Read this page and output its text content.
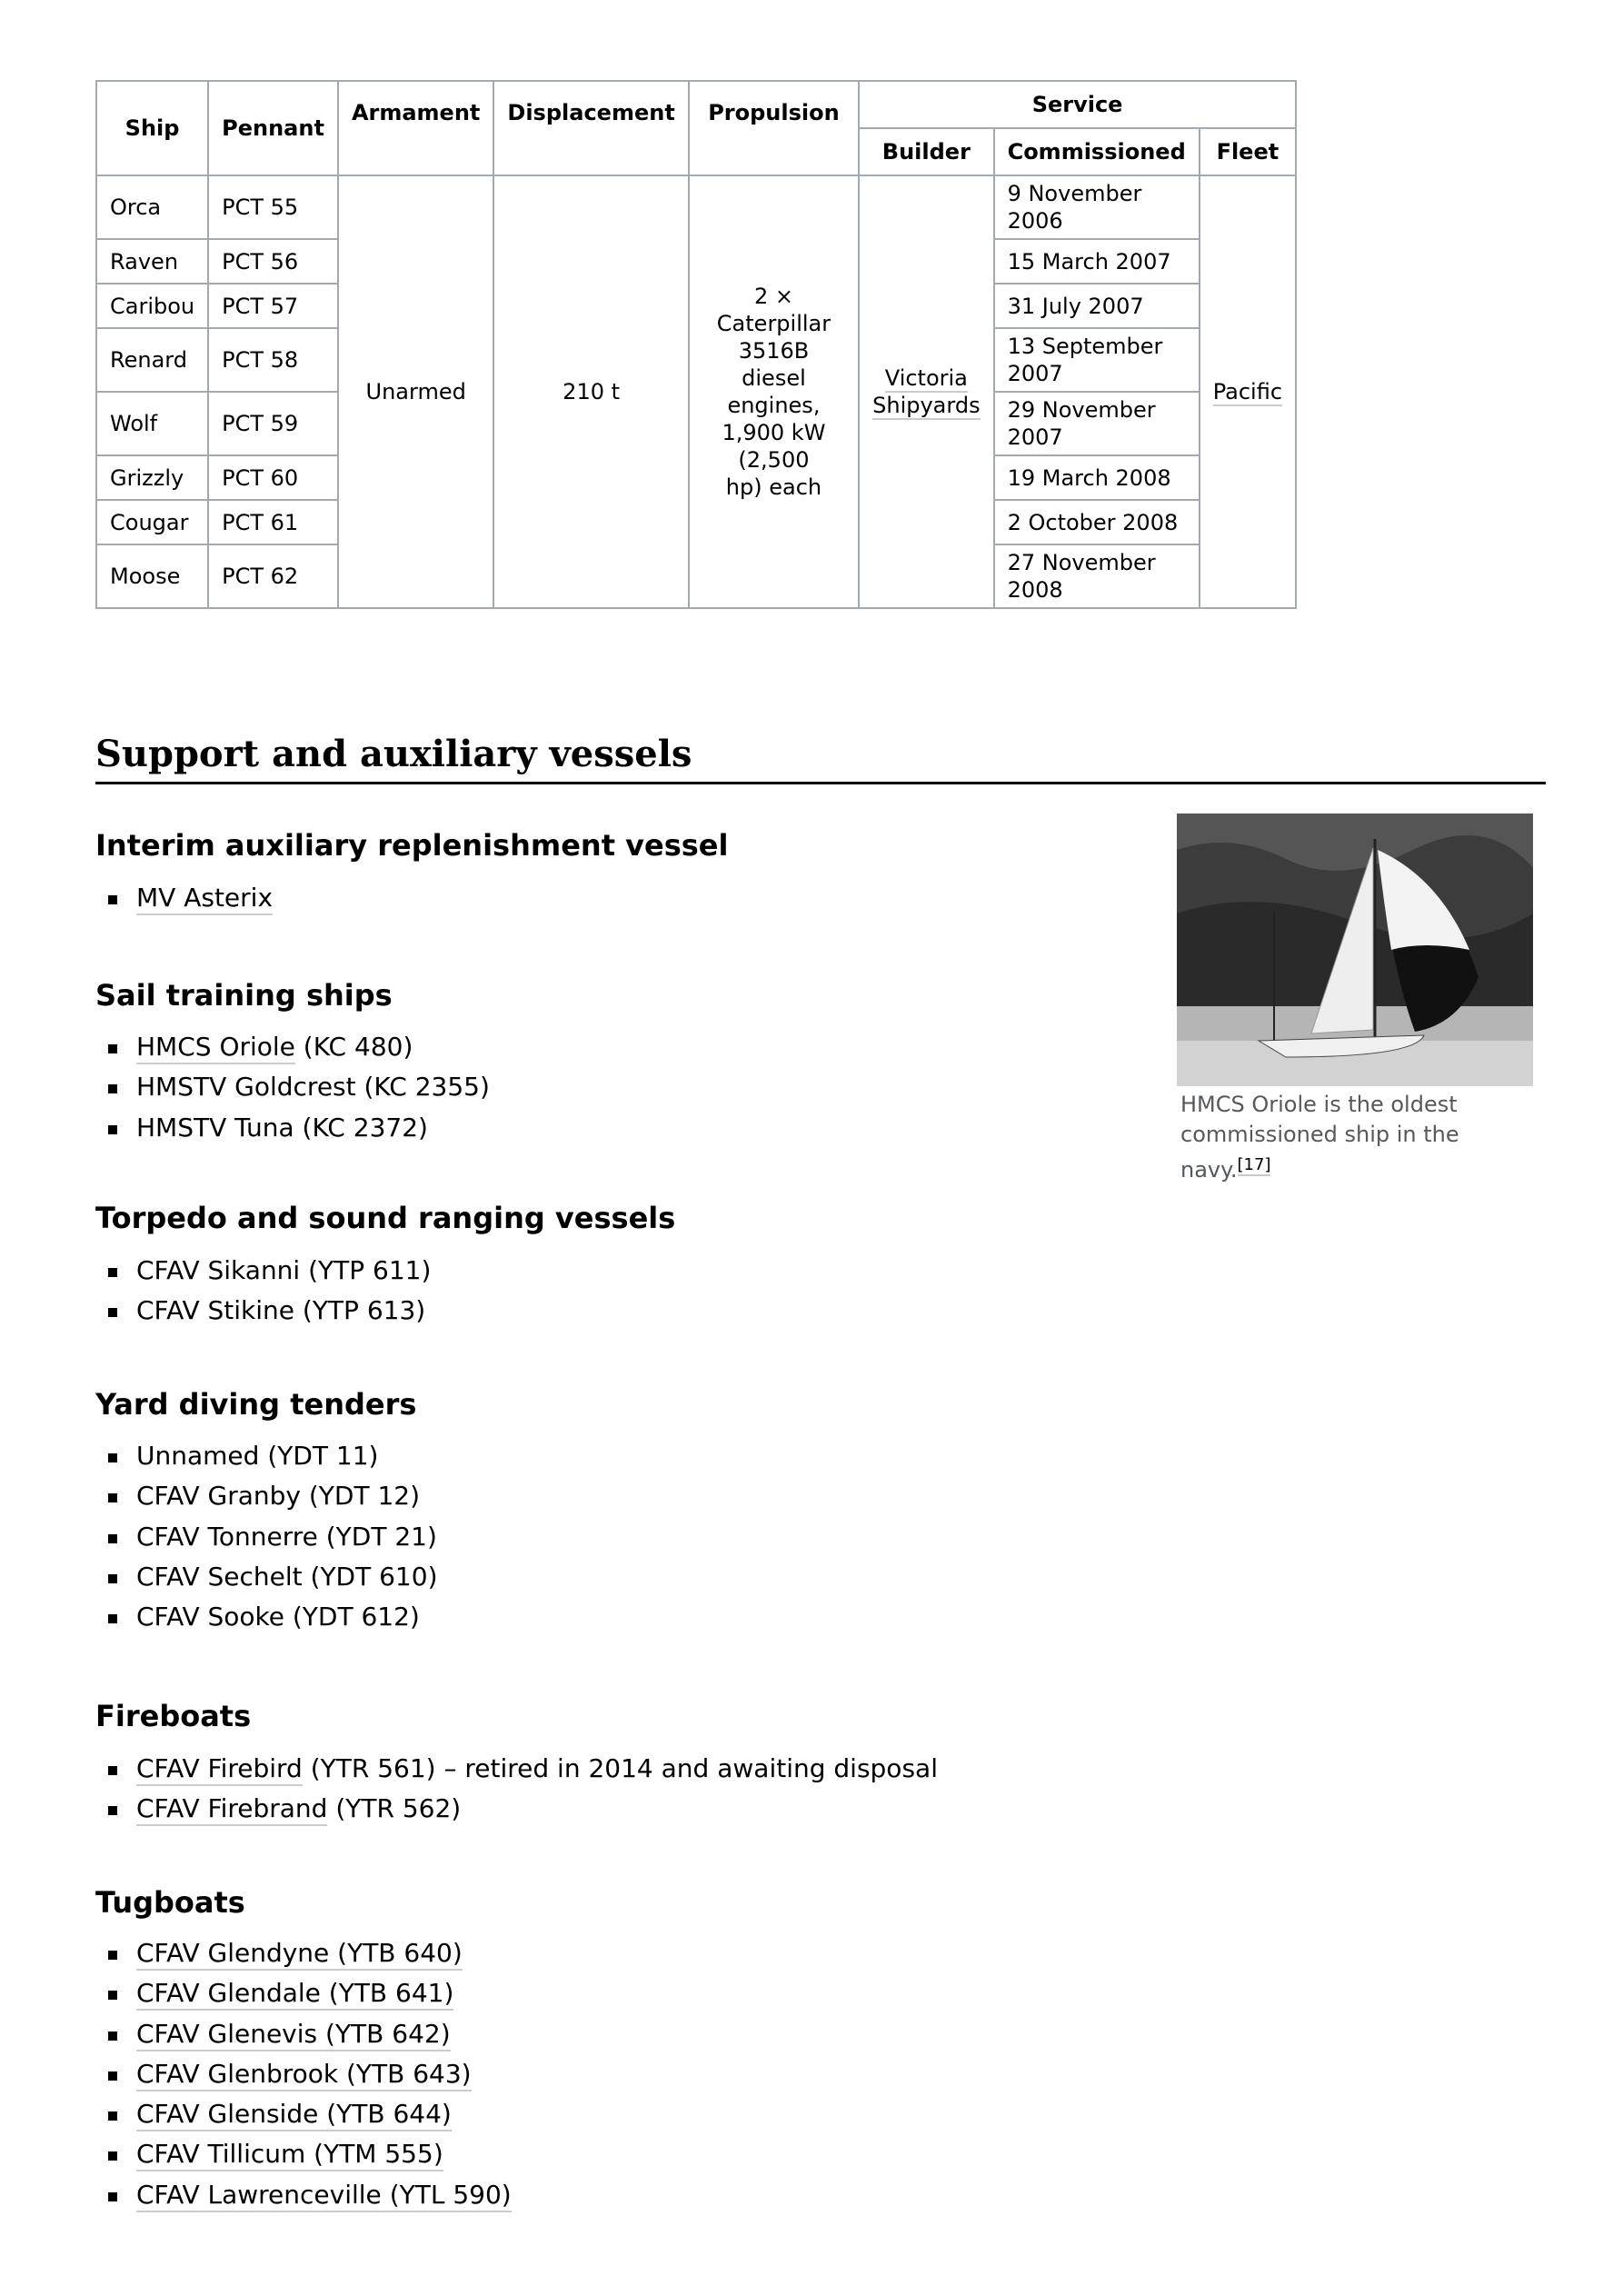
Ship	Pennant	Armament	Displacement	Propulsion	Service		
					Builder	Commissioned	Fleet
Orca	PCT 55	Unarmed	210 t	2 × Caterpillar 3516B diesel engines, 1,900 kW (2,500 hp) each	Victoria Shipyards	9 November 2006	Pacific
Raven	PCT 56					15 March 2007	
Caribou	PCT 57					31 July 2007	
Renard	PCT 58					13 September 2007	
Wolf	PCT 59					29 November 2007	
Grizzly	PCT 60					19 March 2008	
Cougar	PCT 61					2 October 2008	
Moose	PCT 62					27 November 2008	
Support and auxiliary vessels
Interim auxiliary replenishment vessel
MV Asterix
Sail training ships
HMCS Oriole (KC 480)
HMSTV Goldcrest (KC 2355)
HMSTV Tuna (KC 2372)
Torpedo and sound ranging vessels
CFAV Sikanni (YTP 611)
CFAV Stikine (YTP 613)
Yard diving tenders
Unnamed (YDT 11)
CFAV Granby (YDT 12)
CFAV Tonnerre (YDT 21)
CFAV Sechelt (YDT 610)
CFAV Sooke (YDT 612)
Fireboats
CFAV Firebird (YTR 561) – retired in 2014 and awaiting disposal
CFAV Firebrand (YTR 562)
Tugboats
CFAV Glendyne (YTB 640)
CFAV Glendale (YTB 641)
CFAV Glenevis (YTB 642)
CFAV Glenbrook (YTB 643)
CFAV Glenside (YTB 644)
CFAV Tillicum (YTM 555)
CFAV Lawrenceville (YTL 590)
HMCS Oriole is the oldest commissioned ship in the navy.[17]
